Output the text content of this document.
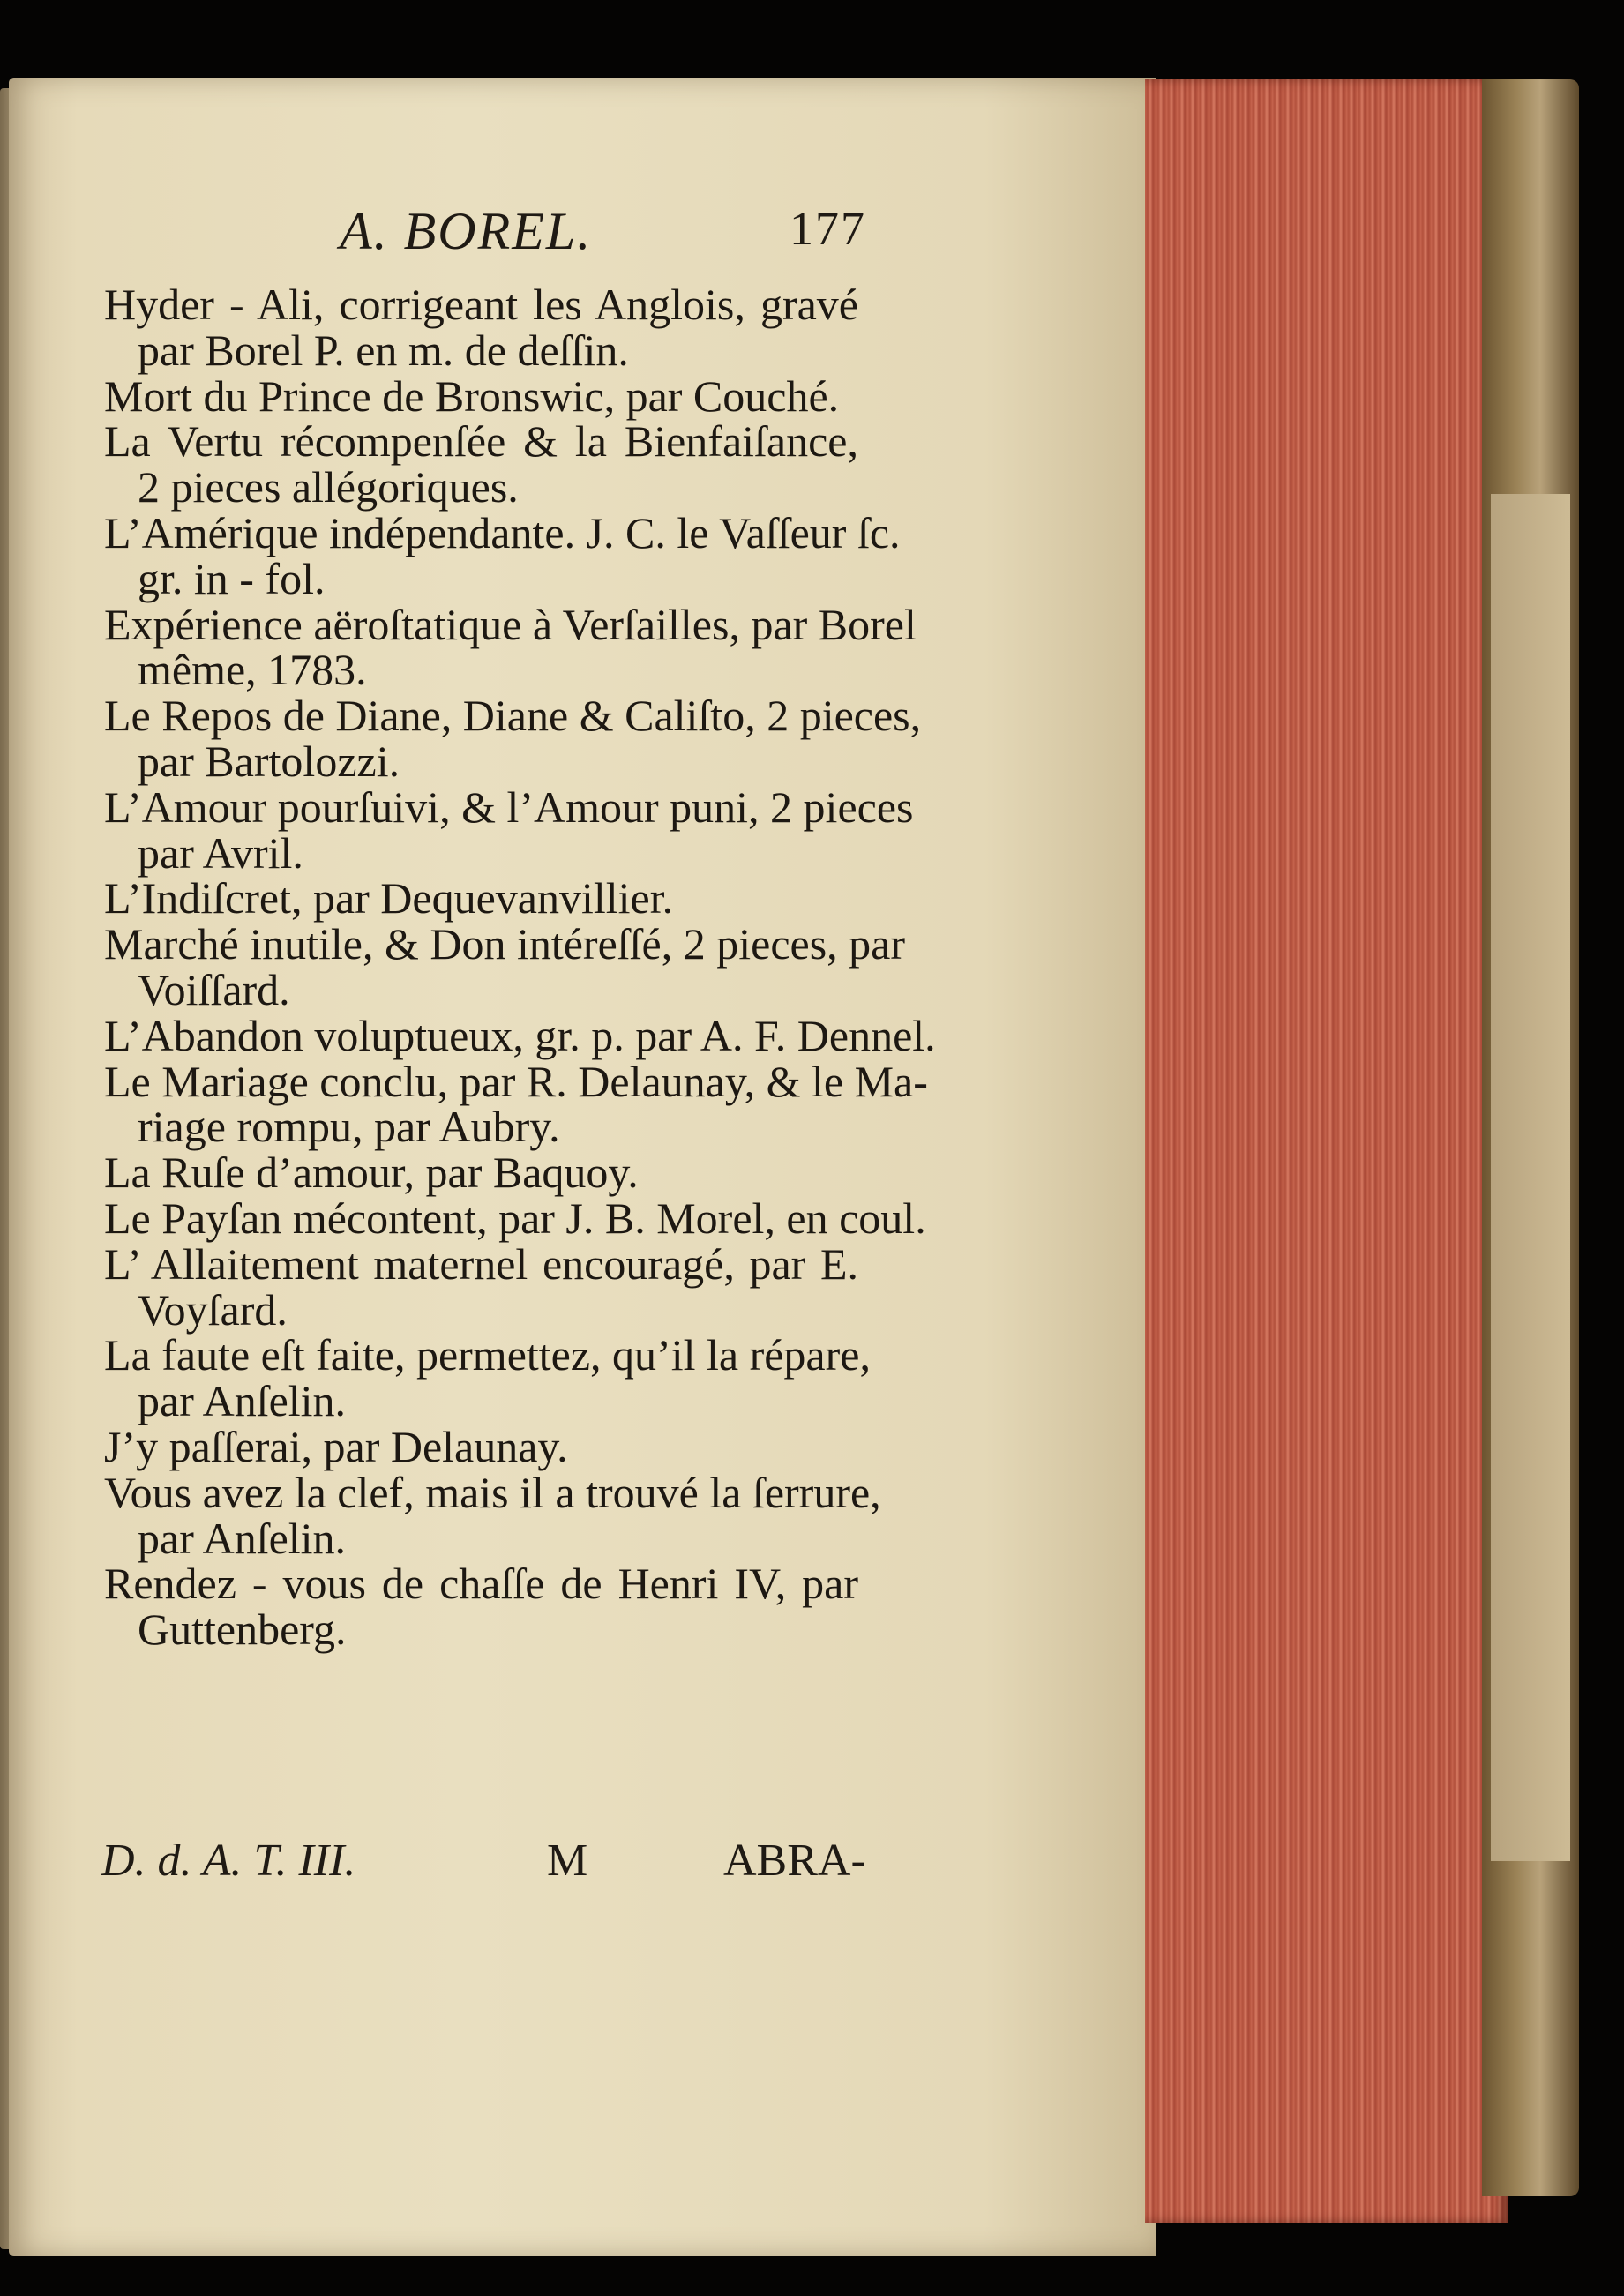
A. BOREL.	177
Hyder - Ali, corrigeant les Anglois, gravé
par Borel P. en m. de deſſin.
Mort du Prince de Bronswic, par Couché.
La Vertu récompenſée & la Bienfaiſance,
2 pieces allégoriques.
L’Amérique indépendante. J. C. le Vaſſeur ſc.
gr. in - fol.
Expérience aëroſtatique à Verſailles, par Borel
même, 1783.
Le Repos de Diane, Diane & Caliſto, 2 pieces,
par Bartolozzi.
L’Amour pourſuivi, & l’Amour puni, 2 pieces
par Avril.
L’Indiſcret, par Dequevanvillier.
Marché inutile, & Don intéreſſé, 2 pieces, par
Voiſſard.
L’Abandon voluptueux, gr. p. par A. F. Dennel.
Le Mariage conclu, par R. Delaunay, & le Ma-
riage rompu, par Aubry.
La Ruſe d’amour, par Baquoy.
Le Payſan mécontent, par J. B. Morel, en coul.
L’ Allaitement maternel encouragé, par E.
Voyſard.
La faute eſt faite, permettez, qu’il la répare,
par Anſelin.
J’y paſſerai, par Delaunay.
Vous avez la clef, mais il a trouvé la ſerrure,
par Anſelin.
Rendez - vous de chaſſe de Henri IV, par
Guttenberg.
D. d. A. T. III.	M	ABRA-
